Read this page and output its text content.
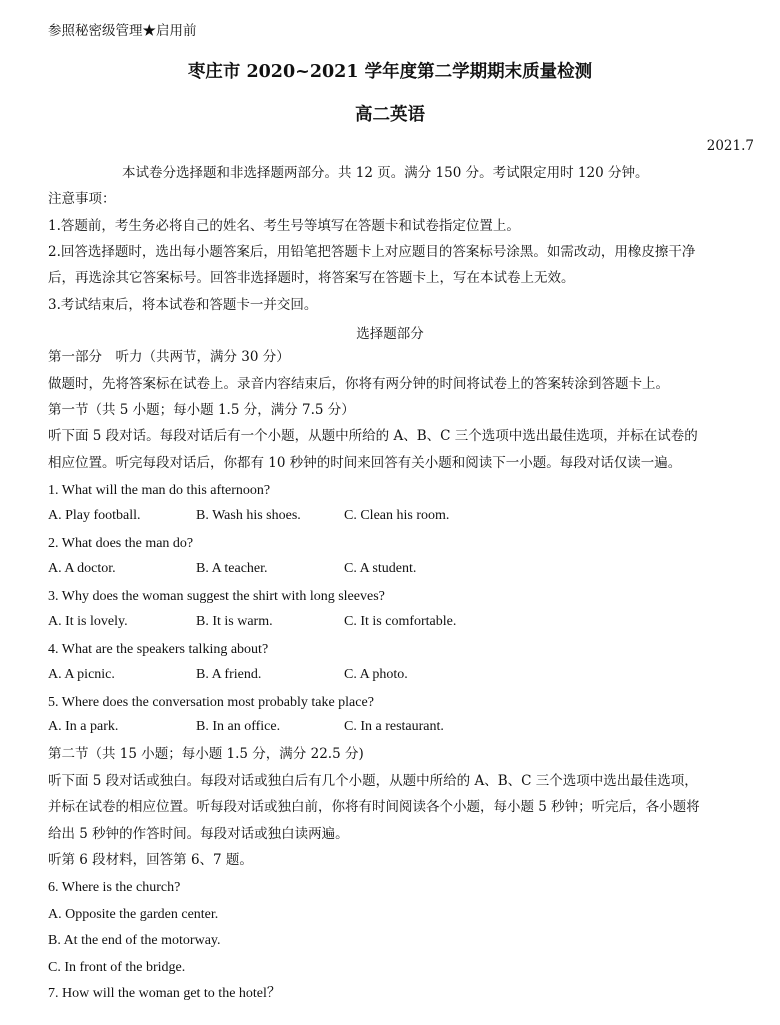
参照秘密级管理★启用前
枣庄市 2020~2021 学年度第二学期期末质量检测
高二英语
2021.7
本试卷分选择题和非选择题两部分。共 12 页。满分 150 分。考试限定用时 120 分钟。
注意事项：
1.答题前，考生务必将自己的姓名、考生号等填写在答题卡和试卷指定位置上。
2.回答选择题时，选出每小题答案后，用铅笔把答题卡上对应题目的答案标号涂黑。如需改动，用橡皮擦干净
后，再选涂其它答案标号。回答非选择题时，将答案写在答题卡上，写在本试卷上无效。
3.考试结束后，将本试卷和答题卡一并交回。
选择题部分
第一部分　听力（共两节，满分 30 分）
做题时，先将答案标在试卷上。录音内容结束后，你将有两分钟的时间将试卷上的答案转涂到答题卡上。
第一节（共 5 小题；每小题 1.5 分，满分 7.5 分）
听下面 5 段对话。每段对话后有一个小题，从题中所给的 A、B、C 三个选项中选出最佳选项，并标在试卷的
相应位置。听完每段对话后，你都有 10 秒钟的时间来回答有关小题和阅读下一小题。每段对话仅读一遍。
1. What will the man do this afternoon?
A. Play football.	B. Wash his shoes.	C. Clean his room.
2. What does the man do?
A. A doctor.	B. A teacher.	C. A student.
3. Why does the woman suggest the shirt with long sleeves?
A. It is lovely.	B. It is warm.	C. It is comfortable.
4. What are the speakers talking about?
A. A picnic.	B. A friend.	C. A photo.
5. Where does the conversation most probably take place?
A. In a park.	B. In an office.	C. In a restaurant.
第二节（共 15 小题；每小题 1.5 分，满分 22.5 分)
听下面 5 段对话或独白。每段对话或独白后有几个小题，从题中所给的 A、B、C 三个选项中选出最佳选项，
并标在试卷的相应位置。听每段对话或独白前，你将有时间阅读各个小题，每小题 5 秒钟；听完后，各小题将
给出 5 秒钟的作答时间。每段对话或独白读两遍。
听第 6 段材料，回答第 6、7 题。
6. Where is the church?
A. Opposite the garden center.
B. At the end of the motorway.
C. In front of the bridge.
7. How will the woman get to the hotel？
